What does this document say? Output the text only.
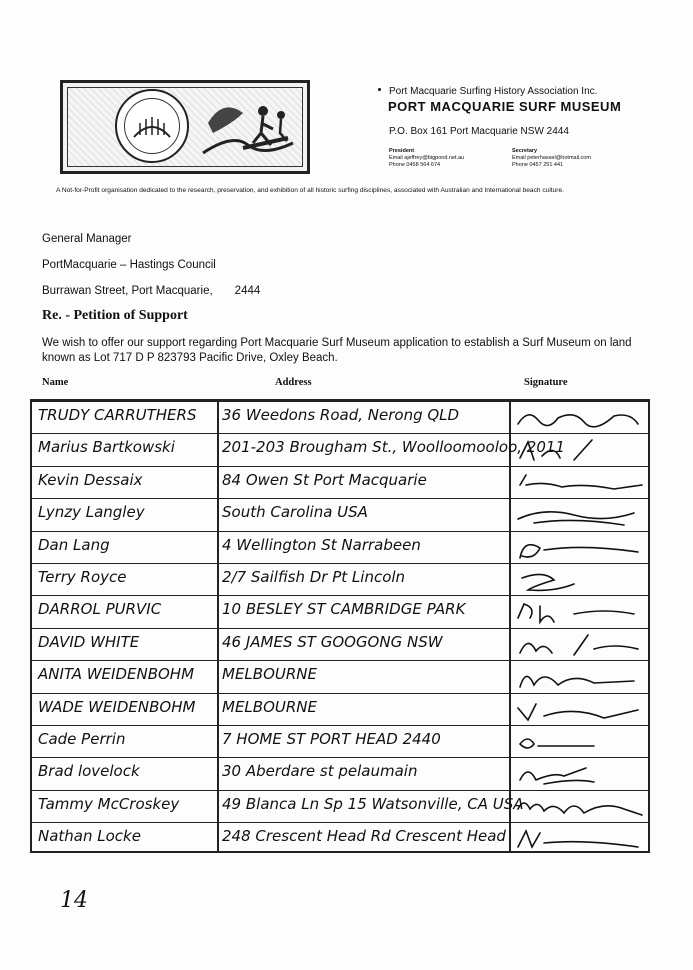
Port Macquarie Surfing History Association Inc.
PORT MACQUARIE SURF MUSEUM
P.O. Box 161 Port Macquarie NSW 2444
President
Email ajeffrey@bigpond.net.au
Phone 0458 564 674
Secretary
Email peterhassel@hotmail.com
Phone 0457 251 441
A Not-for-Profit organisation dedicated to the research, preservation, and exhibition of all historic surfing disciplines, associated with Australian and International beach culture.
General Manager
PortMacquarie – Hastings Council
Burrawan Street, Port Macquarie, 2444
Re. - Petition of Support
We wish to offer our support regarding Port Macquarie Surf Museum application to establish a Surf Museum on land known as Lot 717 D P 823793 Pacific Drive, Oxley Beach.
Name	Address	Signature
TRUDY CARRUTHERS	36 Weedons Road, Nerong QLD
Marius Bartkowski	201-203 Brougham St., Woolloomooloo, 2011
Kevin Dessaix	84 Owen St Port Macquarie
Lynzy Langley	South Carolina USA
Dan Lang	4 Wellington St Narrabeen
Terry Royce	2/7 Sailfish Dr Pt Lincoln
DARROL PURVIC	10 BESLEY ST CAMBRIDGE PARK
DAVID WHITE	46 JAMES ST GOOGONG NSW
ANITA WEIDENBOHM	MELBOURNE
WADE WEIDENBOHM	MELBOURNE
Cade Perrin	7 HOME ST PORT HEAD 2440
Brad lovelock	30 Aberdare st pelaumain
Tammy McCroskey	49 Blanca Ln Sp 15 Watsonville, CA USA
Nathan Locke	248 Crescent Head Rd Crescent Head
14
